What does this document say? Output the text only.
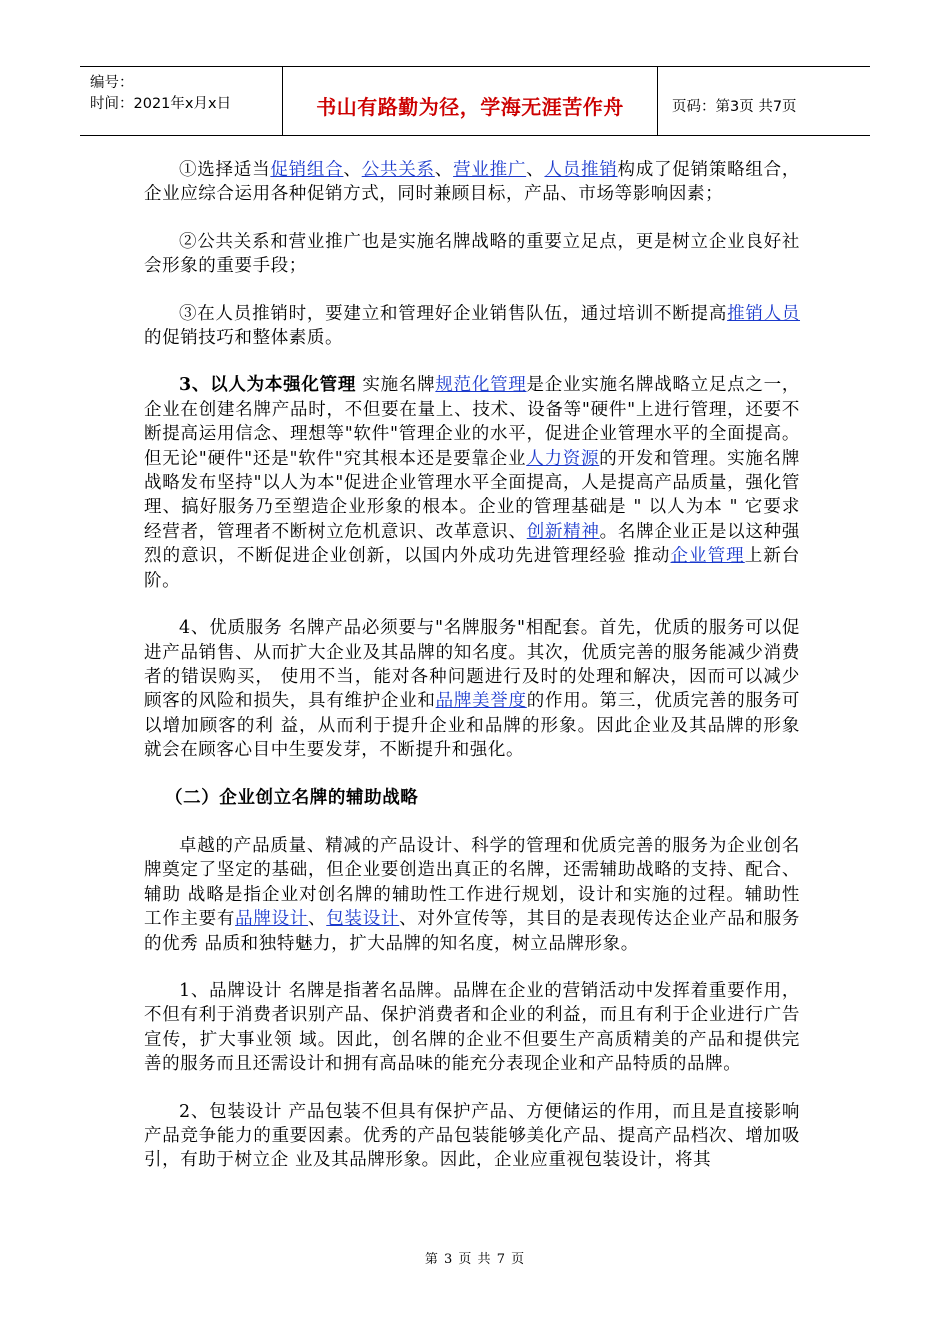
编号：
时间：2021年x月x日	书山有路勤为径，学海无涯苦作舟	页码：第3页 共7页

①选择适当促销组合、公共关系、营业推广、人员推销构成了促销策略组合，企业应综合运用各种促销方式，同时兼顾目标，产品、市场等影响因素；

②公共关系和营业推广也是实施名牌战略的重要立足点，更是树立企业良好社会形象的重要手段；

③在人员推销时，要建立和管理好企业销售队伍，通过培训不断提高推销人员的促销技巧和整体素质。

3、以人为本强化管理 实施名牌规范化管理是企业实施名牌战略立足点之一，企业在创建名牌产品时，不但要在量上、技术、设备等"硬件"上进行管理，还要不断提高运用信念、理想等"软件"管理企业的水平，促进企业管理水平的全面提高。但无论"硬件"还是"软件"究其根本还是要靠企业人力资源的开发和管理。实施名牌战略发布坚持"以人为本"促进企业管理水平全面提高，人是提高产品质量，强化管理、搞好服务乃至塑造企业形象的根本。企业的管理基础是 " 以人为本 " 它要求经营者，管理者不断树立危机意识、改革意识、创新精神。名牌企业正是以这种强烈的意识，不断促进企业创新，以国内外成功先进管理经验 推动企业管理上新台阶。

4、优质服务 名牌产品必须要与"名牌服务"相配套。首先，优质的服务可以促进产品销售、从而扩大企业及其品牌的知名度。其次，优质完善的服务能减少消费者的错误购买， 使用不当，能对各种问题进行及时的处理和解决，因而可以减少顾客的风险和损失，具有维护企业和品牌美誉度的作用。第三，优质完善的服务可以增加顾客的利 益，从而利于提升企业和品牌的形象。因此企业及其品牌的形象就会在顾客心目中生要发芽，不断提升和强化。

（二）企业创立名牌的辅助战略

卓越的产品质量、精减的产品设计、科学的管理和优质完善的服务为企业创名牌奠定了坚定的基础，但企业要创造出真正的名牌，还需辅助战略的支持、配合、辅助 战略是指企业对创名牌的辅助性工作进行规划，设计和实施的过程。辅助性工作主要有品牌设计、包装设计、对外宣传等，其目的是表现传达企业产品和服务的优秀 品质和独特魅力，扩大品牌的知名度，树立品牌形象。

1、品牌设计 名牌是指著名品牌。品牌在企业的营销活动中发挥着重要作用，不但有利于消费者识别产品、保护消费者和企业的利益，而且有利于企业进行广告宣传，扩大事业领 域。因此，创名牌的企业不但要生产高质精美的产品和提供完善的服务而且还需设计和拥有高品味的能充分表现企业和产品特质的品牌。

2、包装设计 产品包装不但具有保护产品、方便储运的作用，而且是直接影响产品竞争能力的重要因素。优秀的产品包装能够美化产品、提高产品档次、增加吸引，有助于树立企 业及其品牌形象。因此，企业应重视包装设计，将其

第 3 页 共 7 页
